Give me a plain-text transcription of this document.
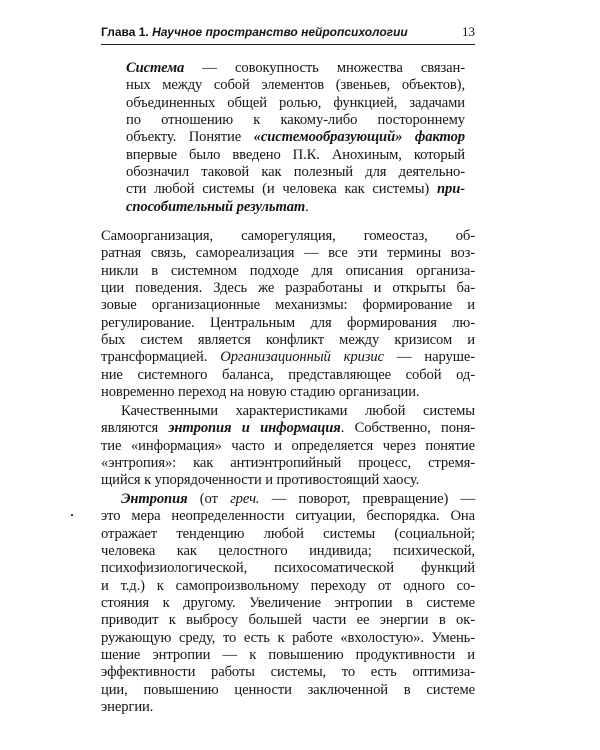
Глава 1. Научное пространство нейропсихологии	13
Система — совокупность множества связан-
ных между собой элементов (звеньев, объектов),
объединенных общей ролью, функцией, задачами
по отношению к какому-либо постороннему
объекту. Понятие «системообразующий» фактор
впервые было введено П.К. Анохиным, который
обозначил таковой как полезный для деятельно-
сти любой системы (и человека как системы) при-
способительный результат.
Самоорганизация, саморегуляция, гомеостаз, об-
ратная связь, самореализация — все эти термины воз-
никли в системном подходе для описания организа-
ции поведения. Здесь же разработаны и открыты ба-
зовые организационные механизмы: формирование и
регулирование. Центральным для формирования лю-
бых систем является конфликт между кризисом и
трансформацией. Организационный кризис — наруше-
ние системного баланса, представляющее собой од-
новременно переход на новую стадию организации.
Качественными характеристиками любой системы
являются энтропия и информация. Собственно, поня-
тие «информация» часто и определяется через понятие
«энтропия»: как антиэнтропийный процесс, стремя-
щийся к упорядоченности и противостоящий хаосу.
Энтропия (от греч. — поворот, превращение) —
это мера неопределенности ситуации, беспорядка. Она
отражает тенденцию любой системы (социальной;
человека как целостного индивида; психической,
психофизиологической, психосоматической функций
и т.д.) к самопроизвольному переходу от одного со-
стояния к другому. Увеличение энтропии в системе
приводит к выбросу большей части ее энергии в ок-
ружающую среду, то есть к работе «вхолостую». Умень-
шение энтропии — к повышению продуктивности и
эффективности работы системы, то есть оптимиза-
ции, повышению ценности заключенной в системе
энергии.
